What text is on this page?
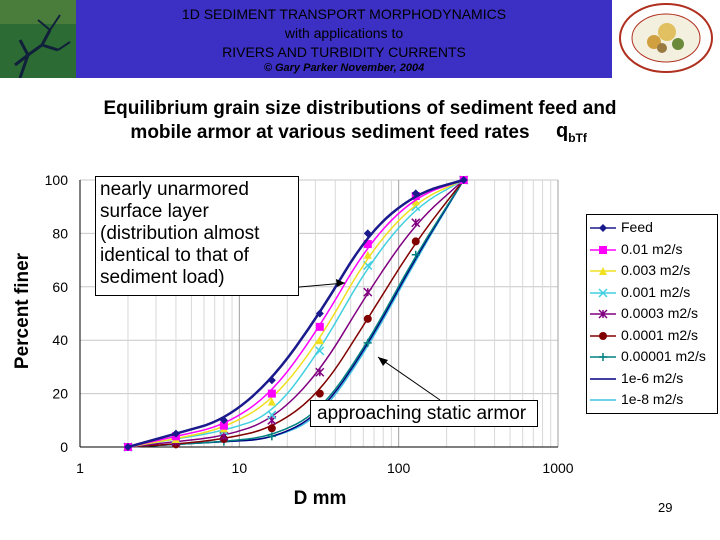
1D SEDIMENT TRANSPORT MORPHODYNAMICS
with applications to
RIVERS AND TURBIDITY CURRENTS
© Gary Parker November, 2004
Equilibrium grain size distributions of sediment feed and
mobile armor at various sediment feed rates	$q_{bTf}$
1	10	100	1000
0
20
40
60
80
100
Percent finer
D mm
nearly unarmored
surface layer
(distribution almost
identical to that of
sediment load)
approaching static armor
Feed
0.01 m2/s
0.003 m2/s
0.001 m2/s
0.0003 m2/s
0.0001 m2/s
0.00001 m2/s
1e-6 m2/s
1e-8 m2/s
29
